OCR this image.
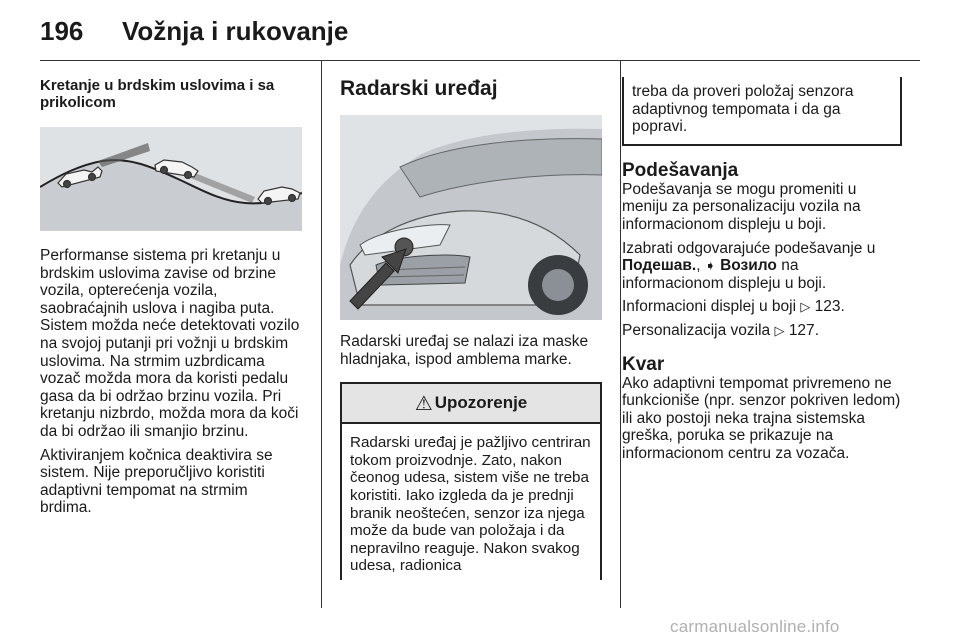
196 Vožnja i rukovanje
Kretanje u brdskim uslovima i sa prikolicom

Performanse sistema pri kretanju u brdskim uslovima zavise od brzine vozila, opterećenja vozila, saobraćajnih uslova i nagiba puta. Sistem možda neće detektovati vozilo na svojoj putanji pri vožnji u brdskim uslovima. Na strmim uzbrdicama vozač možda mora da koristi pedalu gasa da bi održao brzinu vozila. Pri kretanju nizbrdo, možda mora da koči da bi održao ili smanjio brzinu.

Aktiviranjem kočnica deaktivira se sistem. Nije preporučljivo koristiti adaptivni tempomat na strmim brdima.

Radarski uređaj

Radarski uređaj se nalazi iza maske hladnjaka, ispod amblema marke.

⚠ Upozorenje
Radarski uređaj je pažljivo centriran tokom proizvodnje. Zato, nakon čeonog udesa, sistem više ne treba koristiti. Iako izgleda da je prednji branik neoštećen, senzor iza njega može da bude van položaja i da nepravilno reaguje. Nakon svakog udesa, radionica
treba da proveri položaj senzora adaptivnog tempomata i da ga popravi.
Podešavanja

Podešavanja se mogu promeniti u meniju za personalizaciju vozila na informacionom displeju u boji.

Izabrati odgovarajuće podešavanje u
Подешав., ➧ Возило na informacionom displeju u boji.

Informacioni displej u boji ▷ 123.

Personalizacija vozila ▷ 127.

Kvar

Ako adaptivni tempomat privremeno ne funkcioniše (npr. senzor pokriven ledom) ili ako postoji neka trajna sistemska greška, poruka se prikazuje na informacionom centru za vozača.

carmanualsonline.info
